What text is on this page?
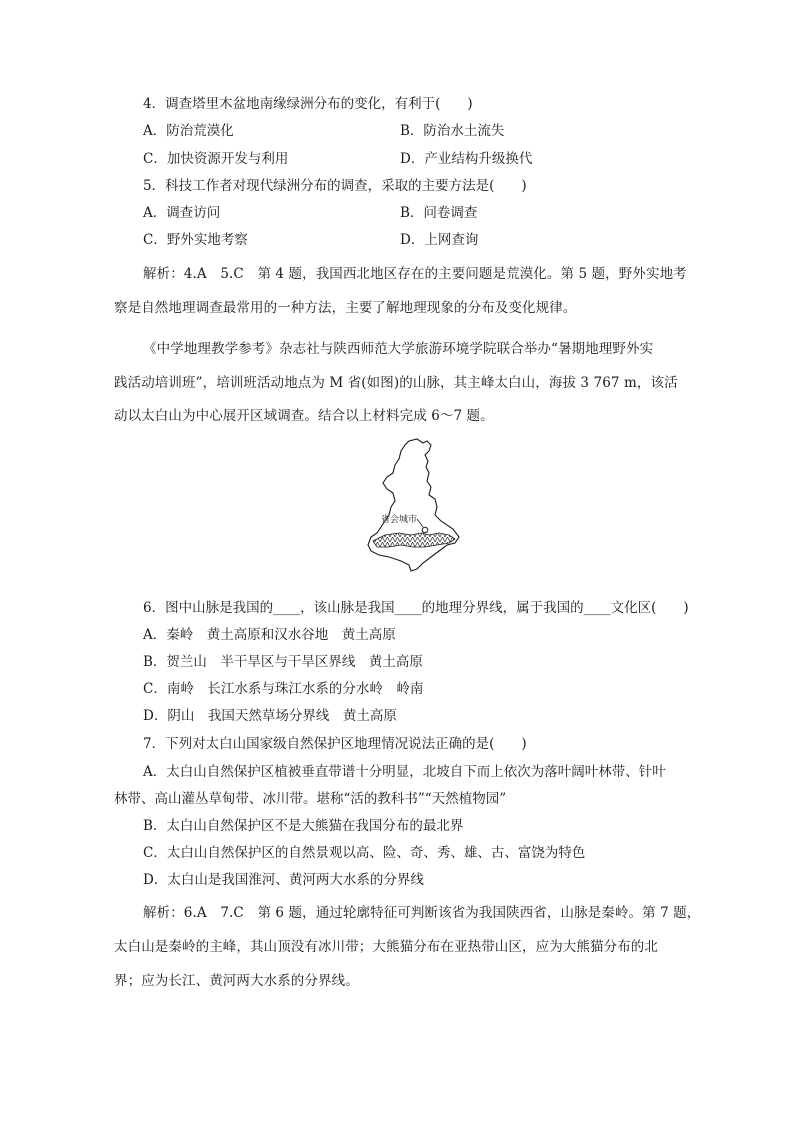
4．调查塔里木盆地南缘绿洲分布的变化，有利于(　　)
A．防治荒漠化	B．防治水土流失
C．加快资源开发与利用	D．产业结构升级换代
5．科技工作者对现代绿洲分布的调查，采取的主要方法是(　　)
A．调查访问	B．问卷调查
C．野外实地考察	D．上网查询
解析：4.A　5.C　第 4 题，我国西北地区存在的主要问题是荒漠化。第 5 题，野外实地考
察是自然地理调查最常用的一种方法，主要了解地理现象的分布及变化规律。
《中学地理教学参考》杂志社与陕西师范大学旅游环境学院联合举办“暑期地理野外实
践活动培训班”，培训班活动地点为 M 省(如图)的山脉，其主峰太白山，海拔 3 767 m，该活
动以太白山为中心展开区域调查。结合以上材料完成 6～7 题。
省会城市
6．图中山脉是我国的____，该山脉是我国____的地理分界线，属于我国的____文化区(　　)
A．秦岭　黄土高原和汉水谷地　黄土高原
B．贺兰山　半干旱区与干旱区界线　黄土高原
C．南岭　长江水系与珠江水系的分水岭　岭南
D．阴山　我国天然草场分界线　黄土高原
7．下列对太白山国家级自然保护区地理情况说法正确的是(　　)
A．太白山自然保护区植被垂直带谱十分明显，北坡自下而上依次为落叶阔叶林带、针叶
林带、高山灌丛草甸带、冰川带。堪称“活的教科书”“天然植物园”
B．太白山自然保护区不是大熊猫在我国分布的最北界
C．太白山自然保护区的自然景观以高、险、奇、秀、雄、古、富饶为特色
D．太白山是我国淮河、黄河两大水系的分界线
解析：6.A　7.C　第 6 题，通过轮廓特征可判断该省为我国陕西省，山脉是秦岭。第 7 题，
太白山是秦岭的主峰，其山顶没有冰川带；大熊猫分布在亚热带山区，应为大熊猫分布的北
界；应为长江、黄河两大水系的分界线。
